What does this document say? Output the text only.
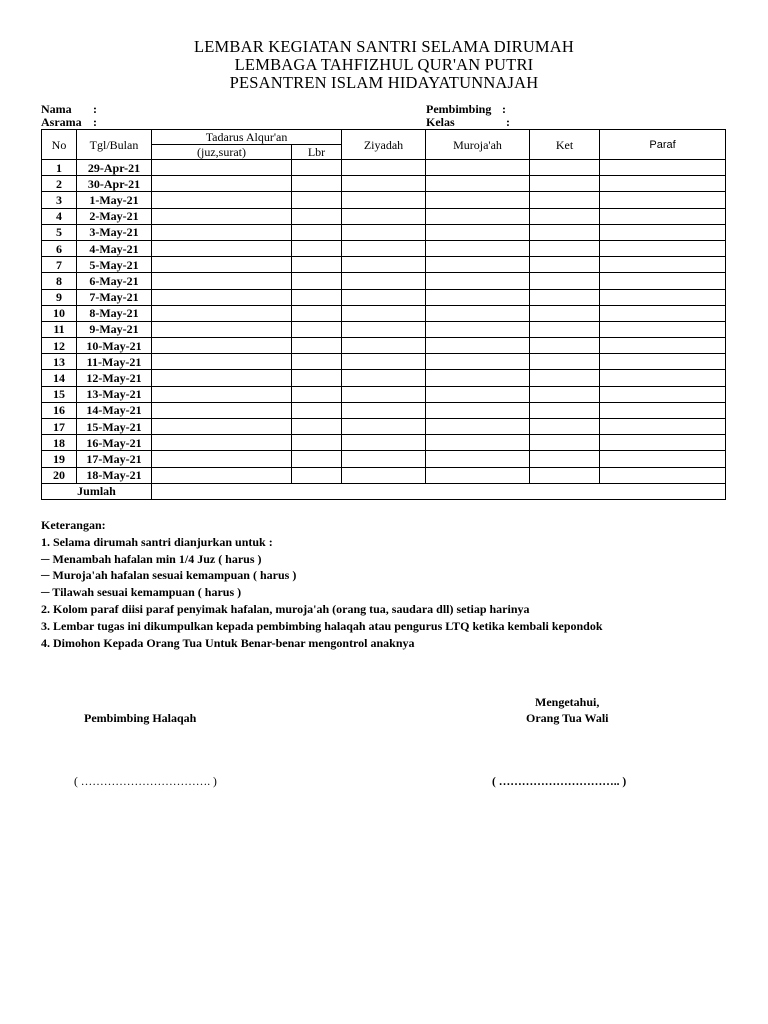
LEMBAR KEGIATAN SANTRI SELAMA DIRUMAH
LEMBAGA TAHFIZHUL QUR'AN PUTRI
PESANTREN ISLAM HIDAYATUNNAJAH
Nama :
Asrama :
Pembimbing :
Kelas	:
No	Tgl/Bulan	Tadarus Alqur'an		Ziyadah	Muroja'ah	Ket	Paraf
		(juz,surat)	Lbr				
1	29-Apr-21						
2	30-Apr-21						
3	1-May-21						
4	2-May-21						
5	3-May-21						
6	4-May-21						
7	5-May-21						
8	6-May-21						
9	7-May-21						
10	8-May-21						
11	9-May-21						
12	10-May-21						
13	11-May-21						
14	12-May-21						
15	13-May-21						
16	14-May-21						
17	15-May-21						
18	16-May-21						
19	17-May-21						
20	18-May-21						
Jumlah							
Keterangan:
1. Selama dirumah santri dianjurkan untuk :
─ Menambah hafalan min 1/4 Juz ( harus )
─ Muroja'ah hafalan sesuai kemampuan ( harus )
─ Tilawah sesuai kemampuan ( harus )
2. Kolom paraf diisi paraf penyimak hafalan, muroja'ah (orang tua, saudara dll) setiap harinya
3. Lembar tugas ini dikumpulkan kepada pembimbing halaqah atau pengurus LTQ ketika kembali kepondok
4. Dimohon Kepada Orang Tua Untuk Benar-benar mengontrol anaknya
Pembimbing Halaqah
Mengetahui,
Orang Tua Wali
( ……………………………. )	( ………………………….. )
